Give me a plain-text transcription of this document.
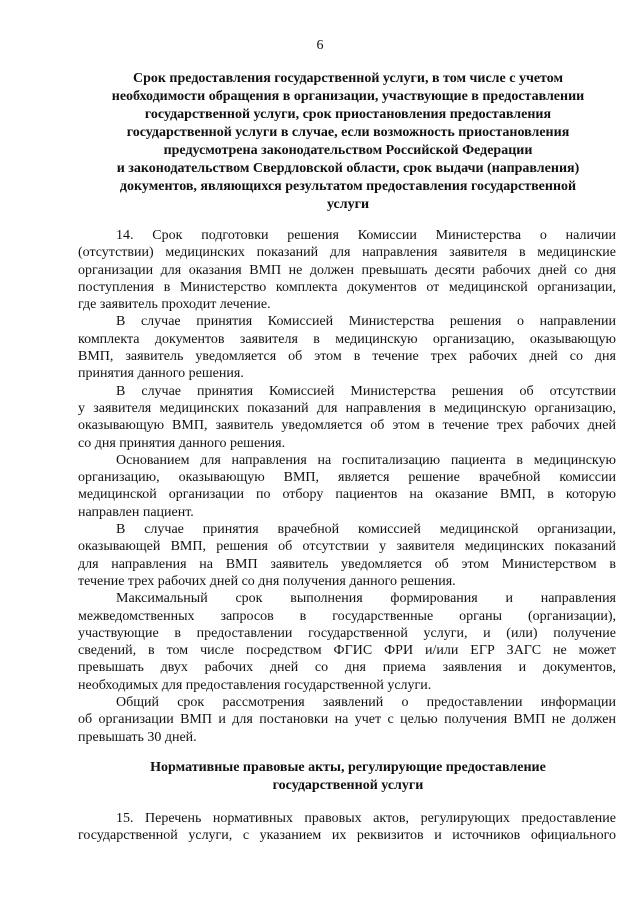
6
Срок предоставления государственной услуги, в том числе с учетом
необходимости обращения в организации, участвующие в предоставлении
государственной услуги, срок приостановления предоставления
государственной услуги в случае, если возможность приостановления
предусмотрена законодательством Российской Федерации
и законодательством Свердловской области, срок выдачи (направления)
документов, являющихся результатом предоставления государственной
услуги
14. Срок подготовки решения Комиссии Министерства о наличии
(отсутствии) медицинских показаний для направления заявителя в медицинские
организации для оказания ВМП не должен превышать десяти рабочих дней со дня
поступления в Министерство комплекта документов от медицинской организации,
где заявитель проходит лечение.
В случае принятия Комиссией Министерства решения о направлении
комплекта документов заявителя в медицинскую организацию, оказывающую
ВМП, заявитель уведомляется об этом в течение трех рабочих дней со дня
принятия данного решения.
В случае принятия Комиссией Министерства решения об отсутствии
у заявителя медицинских показаний для направления в медицинскую организацию,
оказывающую ВМП, заявитель уведомляется об этом в течение трех рабочих дней
со дня принятия данного решения.
Основанием для направления на госпитализацию пациента в медицинскую
организацию, оказывающую ВМП, является решение врачебной комиссии
медицинской организации по отбору пациентов на оказание ВМП, в которую
направлен пациент.
В случае принятия врачебной комиссией медицинской организации,
оказывающей ВМП, решения об отсутствии у заявителя медицинских показаний
для направления на ВМП заявитель уведомляется об этом Министерством в
течение трех рабочих дней со дня получения данного решения.
Максимальный срок выполнения формирования и направления
межведомственных запросов в государственные органы (организации),
участвующие в предоставлении государственной услуги, и (или) получение
сведений, в том числе посредством ФГИС ФРИ и/или ЕГР ЗАГС не может
превышать двух рабочих дней со дня приема заявления и документов,
необходимых для предоставления государственной услуги.
Общий срок рассмотрения заявлений о предоставлении информации
об организации ВМП и для постановки на учет с целью получения ВМП не должен
превышать 30 дней.
Нормативные правовые акты, регулирующие предоставление
государственной услуги
15. Перечень нормативных правовых актов, регулирующих предоставление
государственной услуги, с указанием их реквизитов и источников официального
